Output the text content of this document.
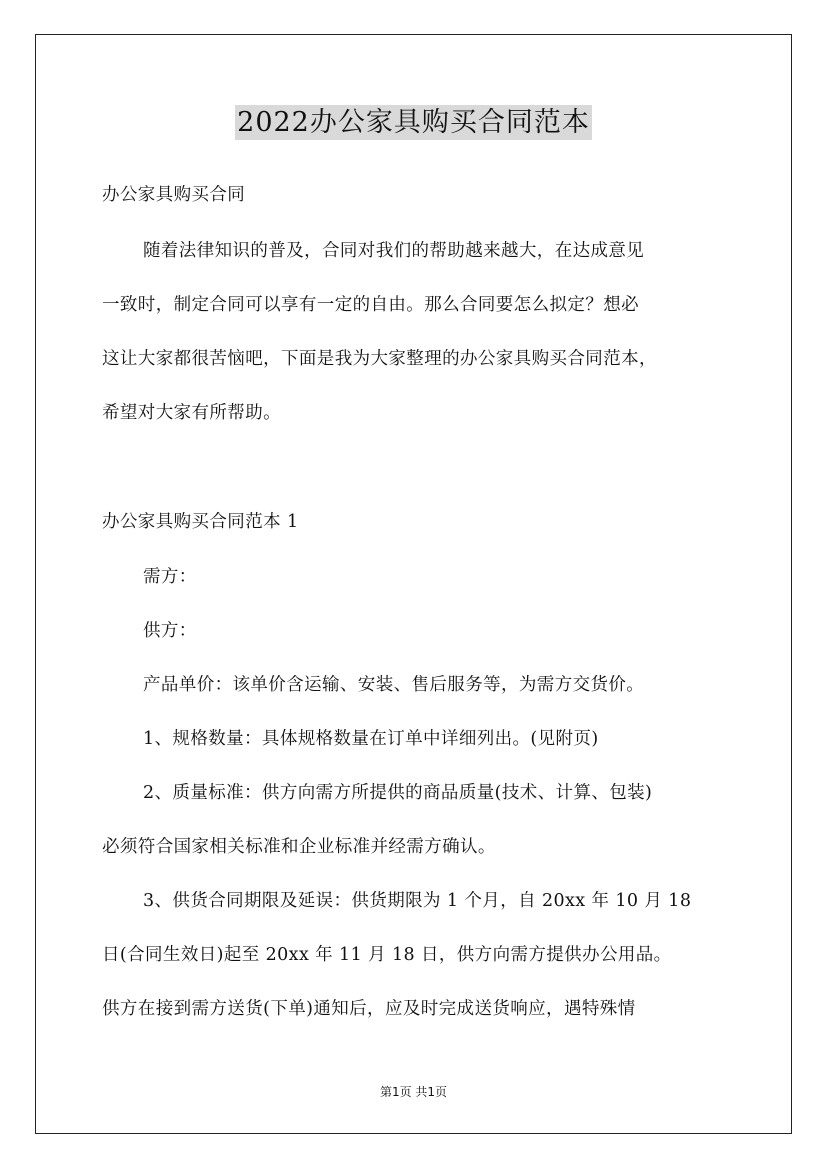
2022办公家具购买合同范本
办公家具购买合同
随着法律知识的普及，合同对我们的帮助越来越大，在达成意见
一致时，制定合同可以享有一定的自由。那么合同要怎么拟定？想必
这让大家都很苦恼吧，下面是我为大家整理的办公家具购买合同范本，
希望对大家有所帮助。
办公家具购买合同范本 1
需方：
供方：
产品单价：该单价含运输、安装、售后服务等，为需方交货价。
1、规格数量：具体规格数量在订单中详细列出。(见附页)
2、质量标准：供方向需方所提供的商品质量(技术、计算、包装)
必须符合国家相关标准和企业标准并经需方确认。
3、供货合同期限及延误：供货期限为 1 个月，自 20xx 年 10 月 18
日(合同生效日)起至 20xx 年 11 月 18 日，供方向需方提供办公用品。
供方在接到需方送货(下单)通知后，应及时完成送货响应，遇特殊情
第1页 共1页
